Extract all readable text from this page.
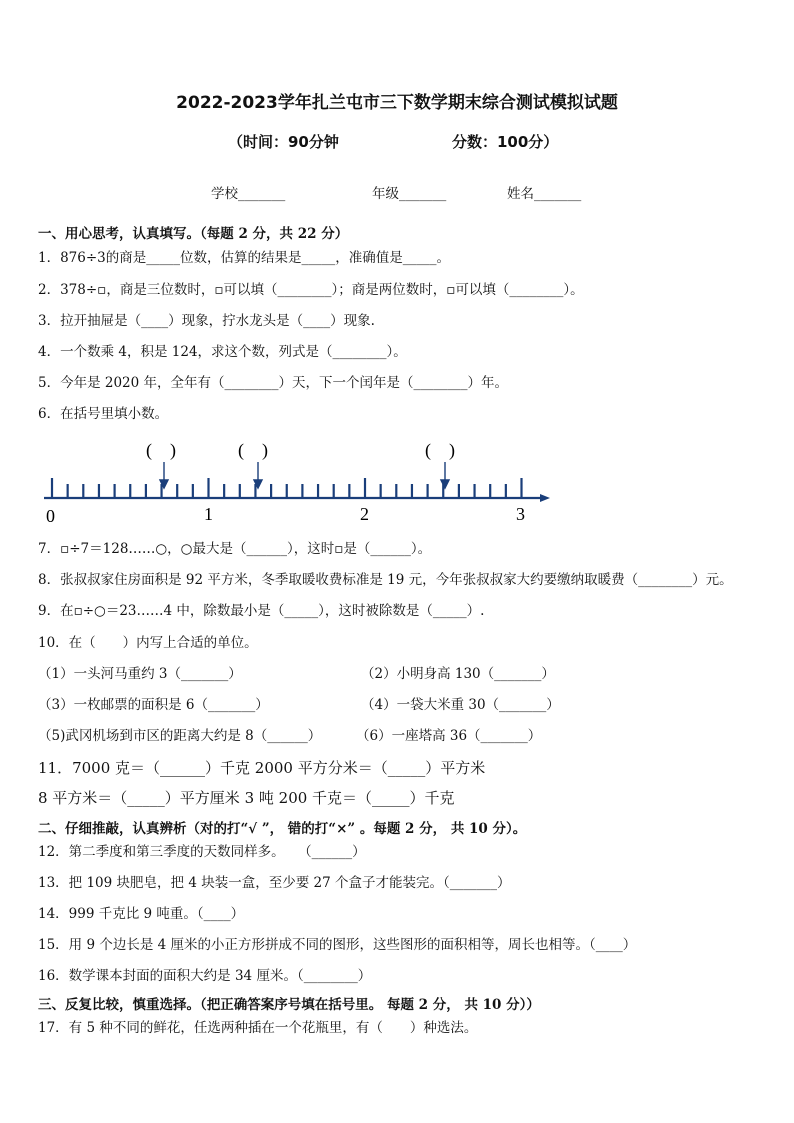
2022-2023学年扎兰屯市三下数学期末综合测试模拟试题
（时间：90分钟	分数：100分）
学校_______	年级_______	姓名_______
一、用心思考，认真填写。（每题 2 分，共 22 分）
1．876÷3的商是_____位数，估算的结果是_____，准确值是_____。
2．378÷▫，商是三位数时，▫可以填（________）；商是两位数时，▫可以填（________）。
3．拉开抽屉是（____）现象，拧水龙头是（____）现象.
4．一个数乘 4，积是 124，求这个数，列式是（________）。
5．今年是 2020 年，全年有（________）天，下一个闰年是（________）年。
6．在括号里填小数。
(　)	(　)	(　)
0	1	2	3
7．▫÷7＝128……○，○最大是（______），这时▫是（______）。
8．张叔叔家住房面积是 92 平方米，冬季取暖收费标准是 19 元，今年张叔叔家大约要缴纳取暖费（________）元。
9．在▫÷○＝23……4 中，除数最小是（_____），这时被除数是（_____）.
10．在（　　）内写上合适的单位。
（1）一头河马重约 3（_______）	（2）小明身高 130（_______）
（3）一枚邮票的面积是 6（_______）	（4）一袋大米重 30（_______）
（5)武冈机场到市区的距离大约是 8（______）	（6）一座塔高 36（_______）
11．7000 克＝（______）千克 2000 平方分米＝（_____）平方米
8 平方米＝（_____）平方厘米 3 吨 200 千克＝（_____）千克
二、仔细推敲，认真辨析（对的打“√ ”， 错的打“×” 。每题 2 分， 共 10 分）。
12．第二季度和第三季度的天数同样多。　　（______）
13．把 109 块肥皂，把 4 块装一盒，至少要 27 个盒子才能装完。（_______）
14．999 千克比 9 吨重。（____）
15．用 9 个边长是 4 厘米的小正方形拼成不同的图形，这些图形的面积相等，周长也相等。（____）
16．数学课本封面的面积大约是 34 厘米。（________）
三、反复比较，慎重选择。（把正确答案序号填在括号里。 每题 2 分， 共 10 分））
17．有 5 种不同的鲜花，任选两种插在一个花瓶里，有（　　）种选法。
